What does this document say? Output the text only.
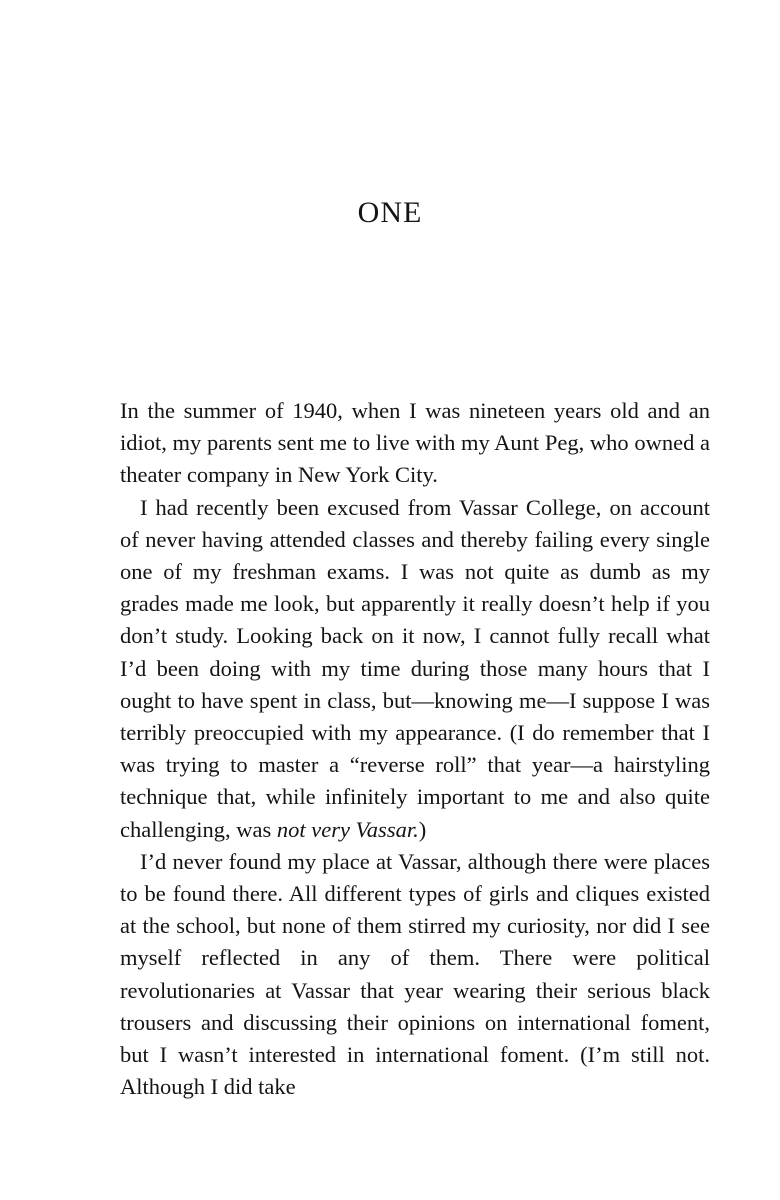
ONE

In the summer of 1940, when I was nineteen years old and an idiot, my parents sent me to live with my Aunt Peg, who owned a theater company in New York City.

I had recently been excused from Vassar College, on account of never having attended classes and thereby failing every single one of my freshman exams. I was not quite as dumb as my grades made me look, but apparently it really doesn’t help if you don’t study. Looking back on it now, I cannot fully recall what I’d been doing with my time during those many hours that I ought to have spent in class, but—knowing me—I suppose I was terribly preoccupied with my appearance. (I do remember that I was trying to master a “reverse roll” that year—a hairstyling technique that, while infinitely important to me and also quite challenging, was not very Vassar.)

I’d never found my place at Vassar, although there were places to be found there. All different types of girls and cliques existed at the school, but none of them stirred my curiosity, nor did I see myself reflected in any of them. There were political revolutionaries at Vassar that year wearing their serious black trousers and discussing their opinions on international foment, but I wasn’t interested in international foment. (I’m still not. Although I did take
